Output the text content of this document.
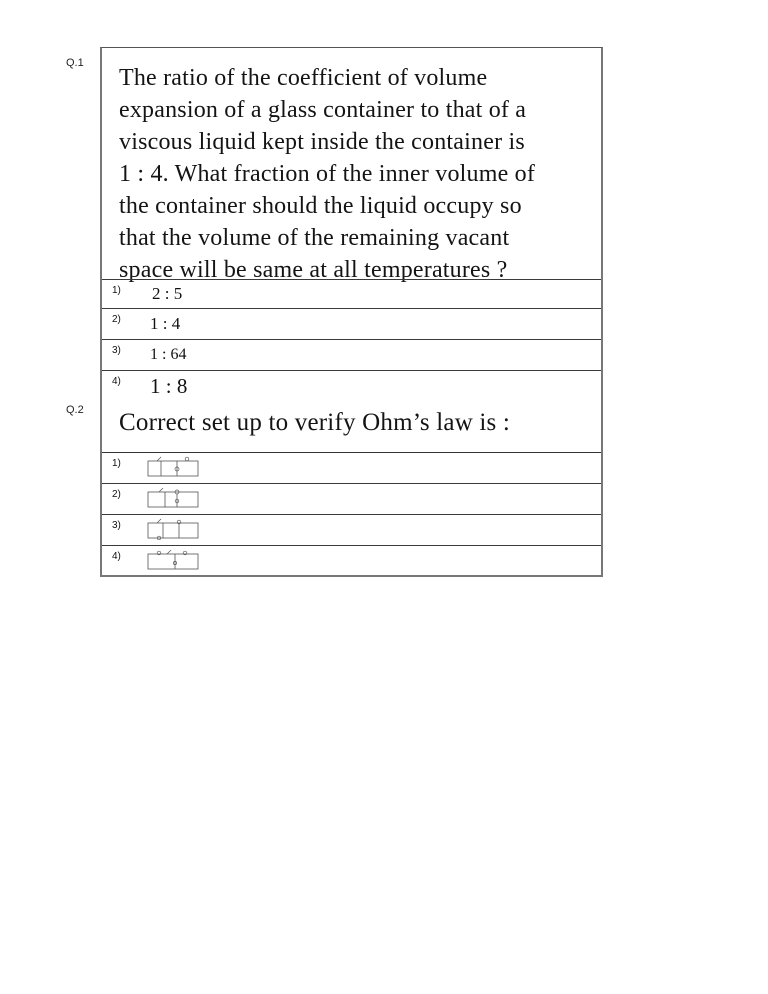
Q.1
The ratio of the coefficient of volume
expansion of a glass container to that of a
viscous liquid kept inside the container is
1 : 4. What fraction of the inner volume of
the container should the liquid occupy so
that the volume of the remaining vacant
space will be same at all temperatures ?
1) 2 : 5
2) 1 : 4
3) 1 : 64
4) 1 : 8
Q.2	Correct set up to verify Ohm’s law is :
1)
2)
3)
4)
